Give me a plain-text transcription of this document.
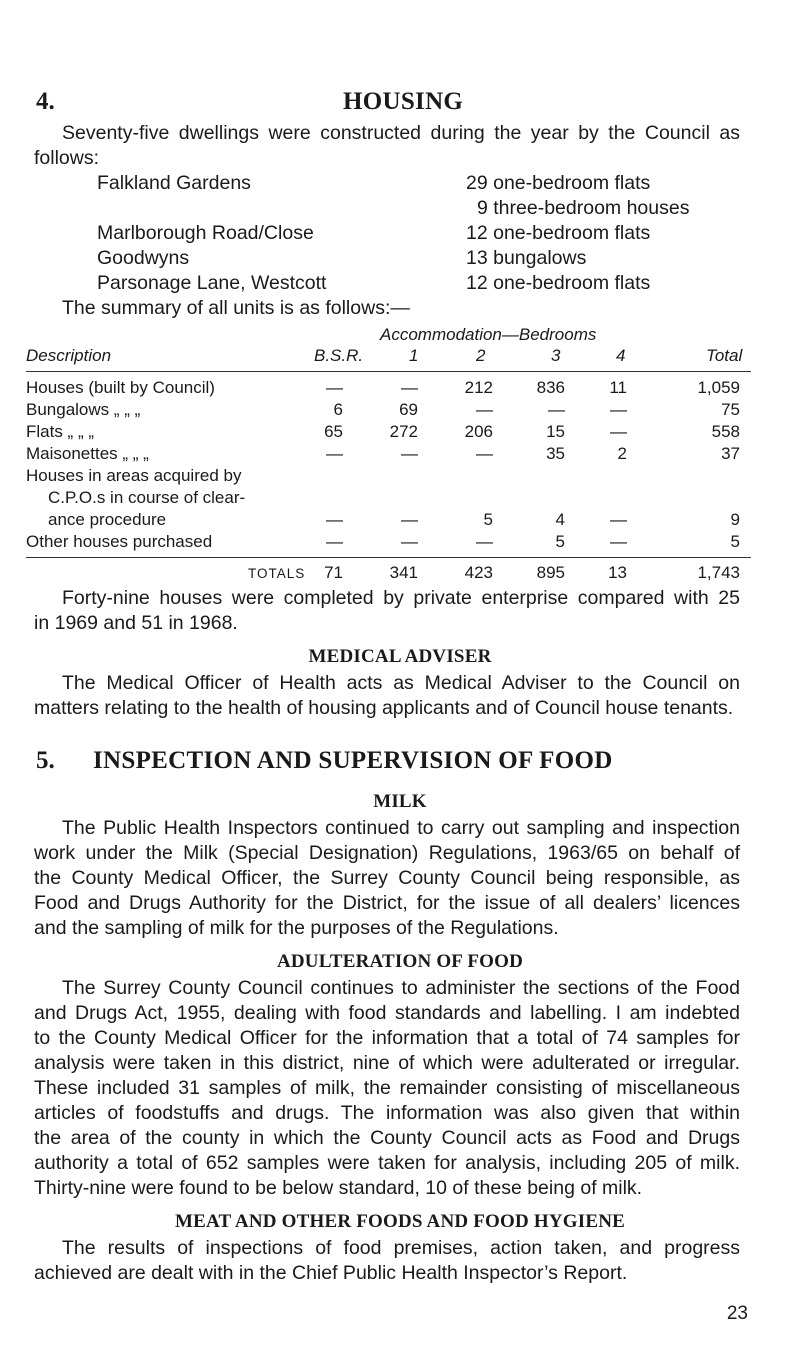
4.	HOUSING
Seventy-five dwellings were constructed during the year by the Council as
follows:
Falkland Gardens	29 one-bedroom flats
9 three-bedroom houses
Marlborough Road/Close	12 one-bedroom flats
Goodwyns	13 bungalows
Parsonage Lane, Westcott	12 one-bedroom flats
The summary of all units is as follows:—
Accommodation—Bedrooms
Description	B.S.R.	1	2	3	4	Total
Houses (built by Council)	—	—	212	836	11	1,059
Bungalows „ „ „	6	69	—	—	—	75
Flats „ „ „	65	272	206	15	—	558
Maisonettes „ „ „	—	—	—	35	2	37
Houses in areas acquired by
C.P.O.s in course of clear-
ance procedure	—	—	5	4	—	9
Other houses purchased	—	—	—	5	—	5
TOTALS	71	341	423	895	13	1,743
Forty-nine houses were completed by private enterprise compared with 25
in 1969 and 51 in 1968.
MEDICAL ADVISER
The Medical Officer of Health acts as Medical Adviser to the Council on
matters relating to the health of housing applicants and of Council house tenants.
5. INSPECTION AND SUPERVISION OF FOOD
MILK
The Public Health Inspectors continued to carry out sampling and inspection
work under the Milk (Special Designation) Regulations, 1963/65 on behalf of
the County Medical Officer, the Surrey County Council being responsible, as
Food and Drugs Authority for the District, for the issue of all dealers’ licences
and the sampling of milk for the purposes of the Regulations.
ADULTERATION OF FOOD
The Surrey County Council continues to administer the sections of the Food
and Drugs Act, 1955, dealing with food standards and labelling. I am indebted
to the County Medical Officer for the information that a total of 74 samples for
analysis were taken in this district, nine of which were adulterated or irregular.
These included 31 samples of milk, the remainder consisting of miscellaneous
articles of foodstuffs and drugs. The information was also given that within
the area of the county in which the County Council acts as Food and Drugs
authority a total of 652 samples were taken for analysis, including 205 of milk.
Thirty-nine were found to be below standard, 10 of these being of milk.
MEAT AND OTHER FOODS AND FOOD HYGIENE
The results of inspections of food premises, action taken, and progress
achieved are dealt with in the Chief Public Health Inspector’s Report.
23
